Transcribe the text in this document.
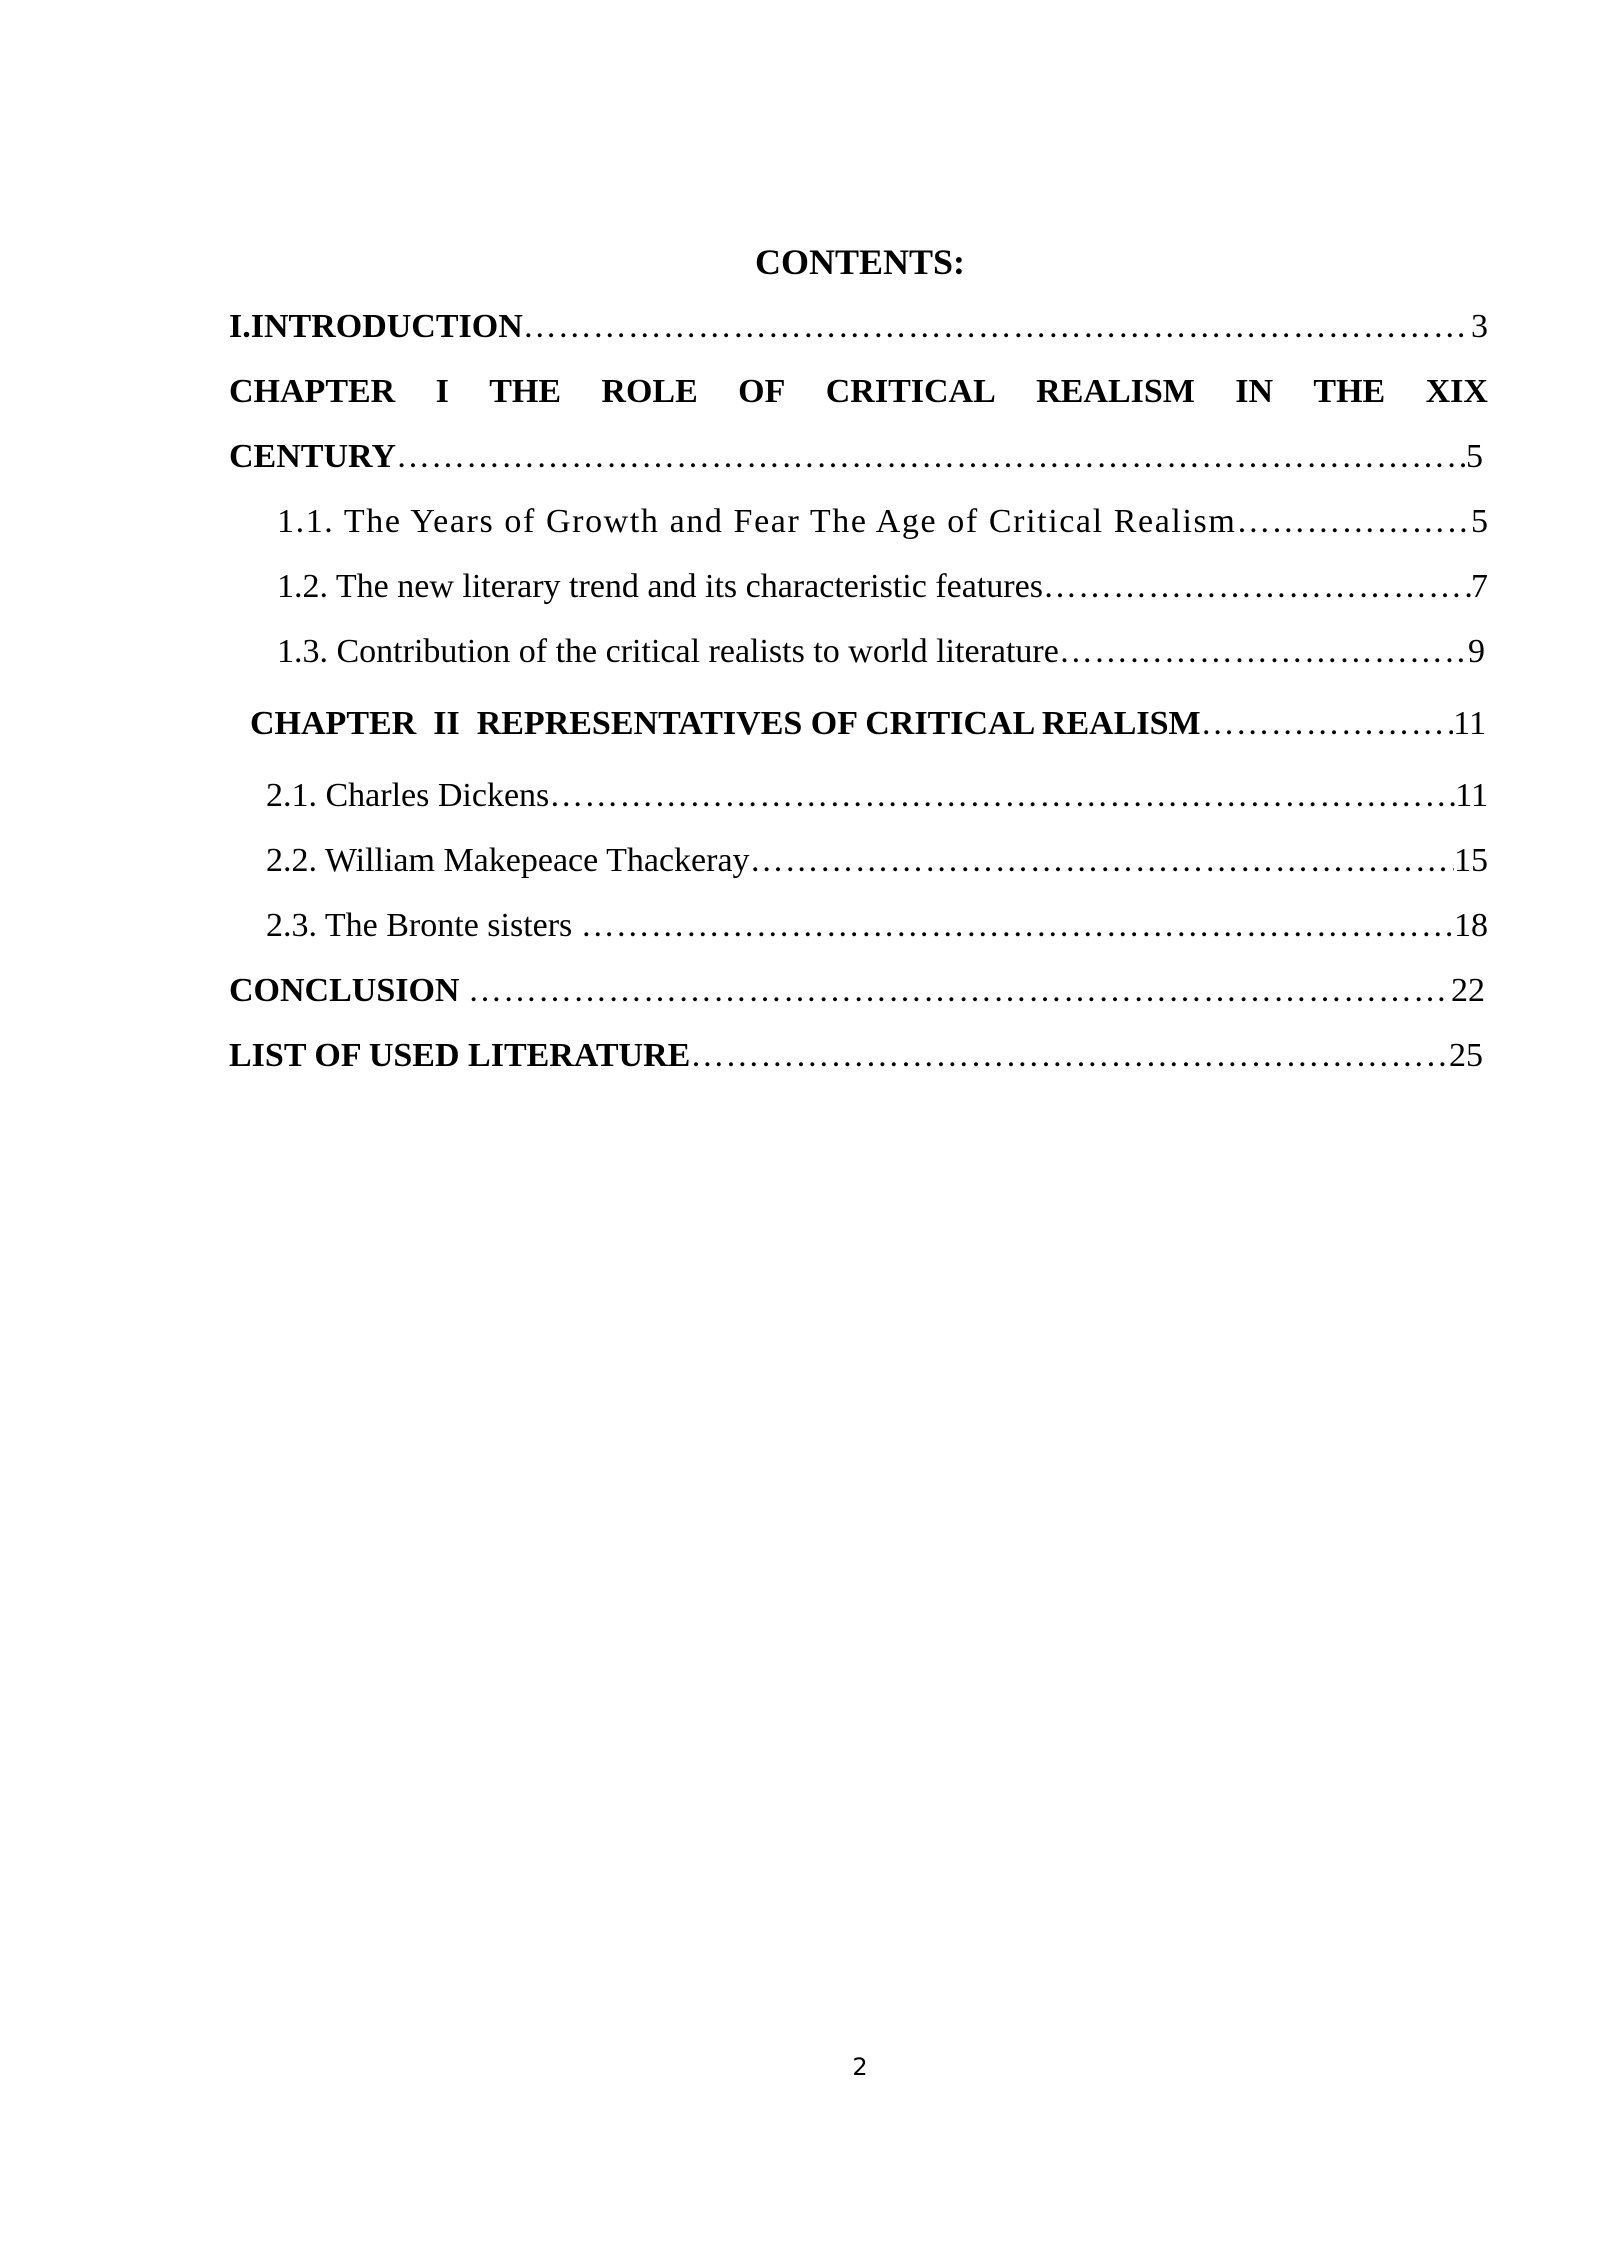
CONTENTS:
I.INTRODUCTION ………………………………………………………………………………………………………………………………………………………………………………………………………………	3
CHAPTER I THE ROLE OF CRITICAL REALISM IN THE XIX
CENTURY ………………………………………………………………………………………………………………………………………………………………………………………………………………	5
1.1. The Years of Growth and Fear The Age of Critical Realism ………………………………………………………………………………………………………………………………………………………………………………………………………………	5
1.2. The new literary trend and its characteristic features ………………………………………………………………………………………………………………………………………………………………………………………………………………	7
1.3. Contribution of the critical realists to world literature ………………………………………………………………………………………………………………………………………………………………………………………………………………	9
CHAPTER  II  REPRESENTATIVES OF CRITICAL REALISM ………………………………………………………………………………………………………………………………………………………………………………………………………………	11
2.1. Charles Dickens ………………………………………………………………………………………………………………………………………………………………………………………………………………	11
2.2. William Makepeace Thackeray ………………………………………………………………………………………………………………………………………………………………………………………………………………	15
2.3. The Bronte sisters ………………………………………………………………………………………………………………………………………………………………………………………………………………	18
CONCLUSION ………………………………………………………………………………………………………………………………………………………………………………………………………………	22
LIST OF USED LITERATURE ………………………………………………………………………………………………………………………………………………………………………………………………………………	25
2
